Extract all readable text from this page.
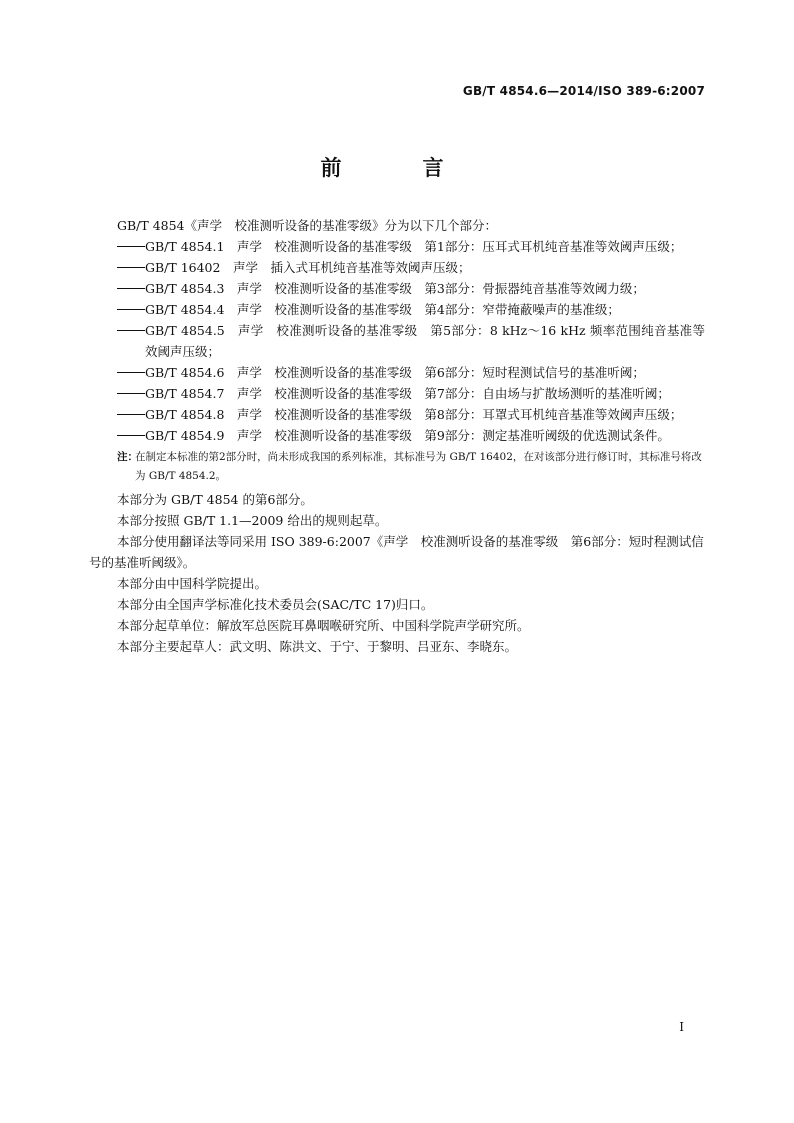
GB/T 4854.6—2014/ISO 389-6:2007
前　言
GB/T 4854《声学　校准测听设备的基准零级》分为以下几个部分：
GB/T 4854.1　声学　校准测听设备的基准零级　第1部分：压耳式耳机纯音基准等效阈声压级；
GB/T 16402　声学　插入式耳机纯音基准等效阈声压级；
GB/T 4854.3　声学　校准测听设备的基准零级　第3部分：骨振器纯音基准等效阈力级；
GB/T 4854.4　声学　校准测听设备的基准零级　第4部分：窄带掩蔽噪声的基准级；
GB/T 4854.5　声学　校准测听设备的基准零级　第5部分：8 kHz～16 kHz 频率范围纯音基准等效阈声压级；
GB/T 4854.6　声学　校准测听设备的基准零级　第6部分：短时程测试信号的基准听阈；
GB/T 4854.7　声学　校准测听设备的基准零级　第7部分：自由场与扩散场测听的基准听阈；
GB/T 4854.8　声学　校准测听设备的基准零级　第8部分：耳罩式耳机纯音基准等效阈声压级；
GB/T 4854.9　声学　校准测听设备的基准零级　第9部分：测定基准听阈级的优选测试条件。
注：
在制定本标准的第2部分时，尚未形成我国的系列标准，其标准号为 GB/T 16402，在对该部分进行修订时，其标准号将改为 GB/T 4854.2。
本部分为 GB/T 4854 的第6部分。
本部分按照 GB/T 1.1—2009 给出的规则起草。
本部分使用翻译法等同采用 ISO 389-6:2007《声学　校准测听设备的基准零级　第6部分：短时程测试信号的基准听阈级》。
本部分由中国科学院提出。
本部分由全国声学标准化技术委员会(SAC/TC 17)归口。
本部分起草单位：解放军总医院耳鼻咽喉研究所、中国科学院声学研究所。
本部分主要起草人：武文明、陈洪文、于宁、于黎明、吕亚东、李晓东。
I
